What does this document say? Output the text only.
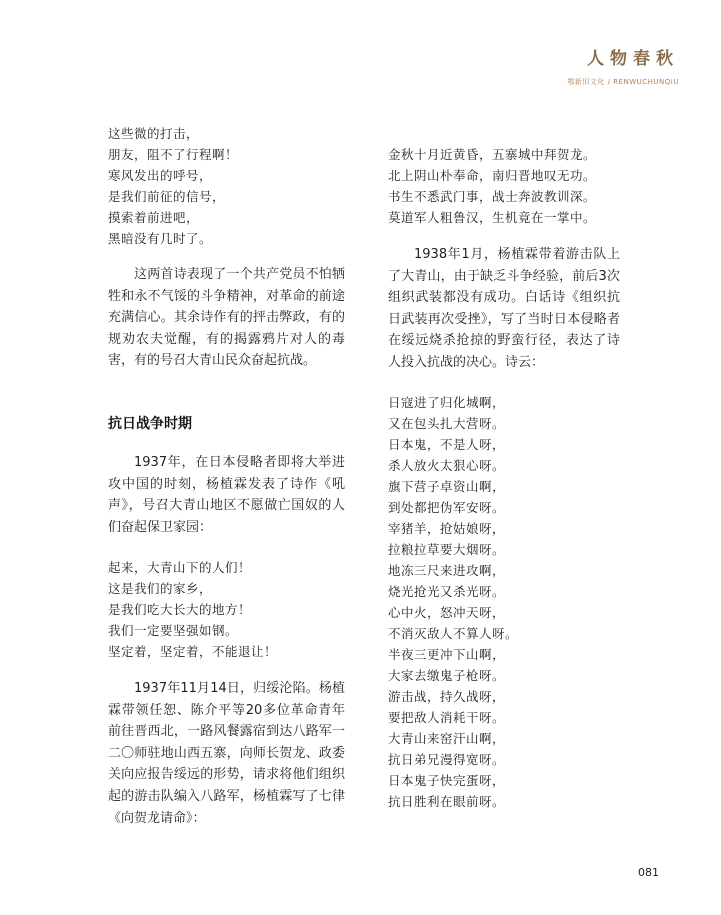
人物春秋
鄂新旧文化 / RENWUCHUNQIU
这些微的打击，
朋友，阻不了行程啊！
寒风发出的呼号，
是我们前征的信号，
摸索着前进吧，
黑暗没有几时了。

这两首诗表现了一个共产党员不怕牺牲和永不气馁的斗争精神，对革命的前途充满信心。其余诗作有的抨击弊政，有的规劝农夫觉醒，有的揭露鸦片对人的毒害，有的号召大青山民众奋起抗战。

抗日战争时期

1937年，在日本侵略者即将大举进攻中国的时刻，杨植霖发表了诗作《吼声》，号召大青山地区不愿做亡国奴的人们奋起保卫家园：

起来，大青山下的人们！
这是我们的家乡，
是我们吃大长大的地方！
我们一定要坚强如钢。
坚定着，坚定着，不能退让！

1937年11月14日，归绥沦陷。杨植霖带领任恕、陈介平等20多位革命青年前往晋西北，一路风餐露宿到达八路军一二〇师驻地山西五寨，向师长贺龙、政委关向应报告绥远的形势，请求将他们组织起的游击队编入八路军，杨植霖写了七律《向贺龙请命》：

金秋十月近黄昏，五寨城中拜贺龙。
北上阴山朴奉命，南归晋地叹无功。
书生不悉武门事，战士奔波教训深。
莫道军人粗鲁汉，生机竟在一掌中。

1938年1月，杨植霖带着游击队上了大青山，由于缺乏斗争经验，前后3次组织武装都没有成功。白话诗《组织抗日武装再次受挫》，写了当时日本侵略者在绥远烧杀抢掠的野蛮行径，表达了诗人投入抗战的决心。诗云：

日寇进了归化城啊，
又在包头扎大营呀。
日本鬼，不是人呀，
杀人放火太狠心呀。
旗下营子卓资山啊，
到处都把伪军安呀。
宰猪羊，抢姑娘呀，
拉粮拉草要大烟呀。
地冻三尺来进攻啊，
烧光抢光又杀光呀。
心中火，怒冲天呀，
不消灭敌人不算人呀。
半夜三更冲下山啊，
大家去缴鬼子枪呀。
游击战，持久战呀，
要把敌人消耗干呀。
大青山来窑汗山啊，
抗日弟兄漫得宽呀。
日本鬼子快完蛋呀，
抗日胜利在眼前呀。
081
